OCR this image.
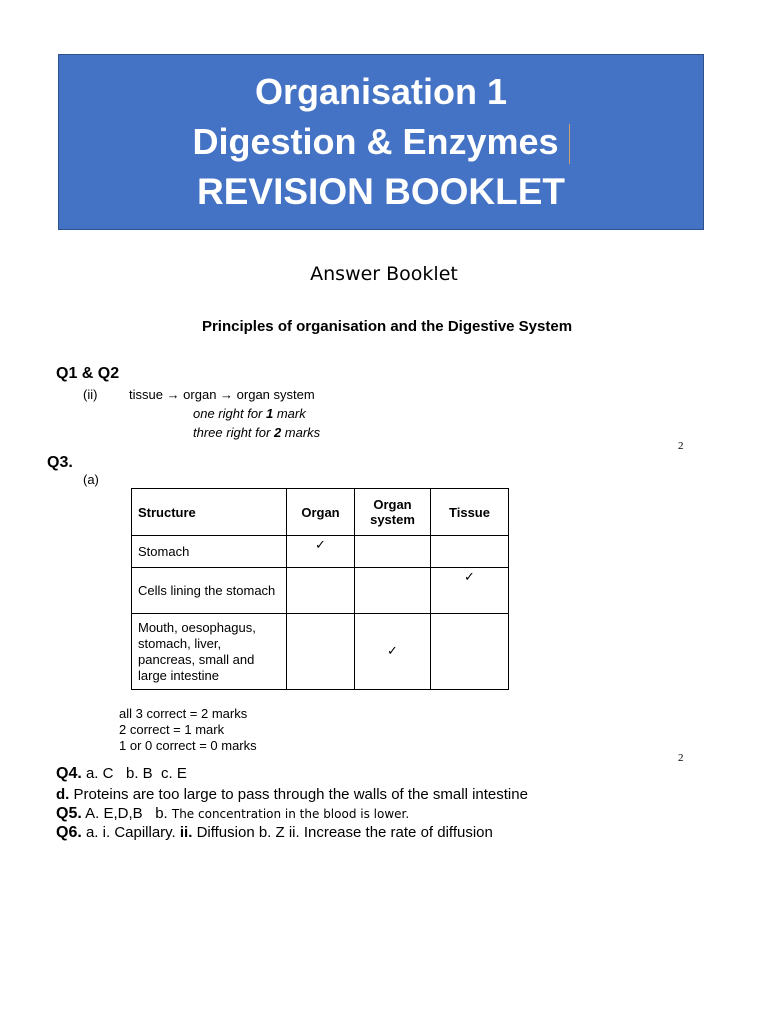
Organisation 1
Digestion & Enzymes
REVISION BOOKLET
Answer Booklet
Principles of organisation and the Digestive System
Q1 & Q2
(ii) tissue → organ → organ system
one right for 1 mark
three right for 2 marks
2
Q3.
(a)
Structure	Organ	Organ system	Tissue
Stomach	✓		
Cells lining the stomach			✓
Mouth, oesophagus, stomach, liver, pancreas, small and large intestine		✓	
all 3 correct = 2 marks
2 correct = 1 mark
1 or 0 correct = 0 marks
2
Q4. a. C   b. B  c. E
d. Proteins are too large to pass through the walls of the small intestine
Q5. A. E,D,B b. The concentration in the blood is lower.
Q6. a. i. Capillary. ii. Diffusion b. Z ii. Increase the rate of diffusion
